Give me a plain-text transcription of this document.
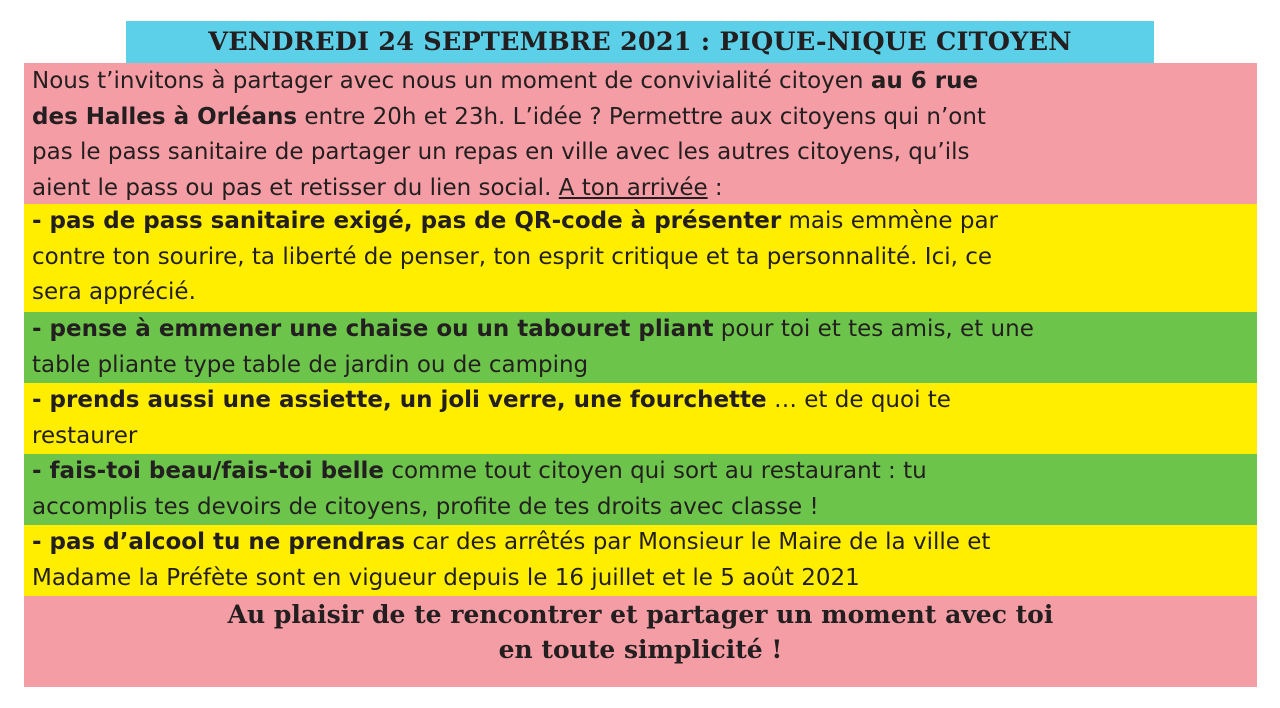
VENDREDI 24 SEPTEMBRE 2021 : PIQUE-NIQUE CITOYEN
Nous t’invitons à partager avec nous un moment de convivialité citoyen au 6 rue
des Halles à Orléans entre 20h et 23h. L’idée ? Permettre aux citoyens qui n’ont
pas le pass sanitaire de partager un repas en ville avec les autres citoyens, qu’ils
aient le pass ou pas et retisser du lien social. A ton arrivée :
- pas de pass sanitaire exigé, pas de QR-code à présenter mais emmène par
contre ton sourire, ta liberté de penser, ton esprit critique et ta personnalité. Ici, ce
sera apprécié.
- pense à emmener une chaise ou un tabouret pliant pour toi et tes amis, et une
table pliante type table de jardin ou de camping
- prends aussi une assiette, un joli verre, une fourchette … et de quoi te
restaurer
- fais-toi beau/fais-toi belle comme tout citoyen qui sort au restaurant : tu
accomplis tes devoirs de citoyens, profite de tes droits avec classe !
- pas d’alcool tu ne prendras car des arrêtés par Monsieur le Maire de la ville et
Madame la Préfète sont en vigueur depuis le 16 juillet et le 5 août 2021
Au plaisir de te rencontrer et partager un moment avec toi
en toute simplicité !
